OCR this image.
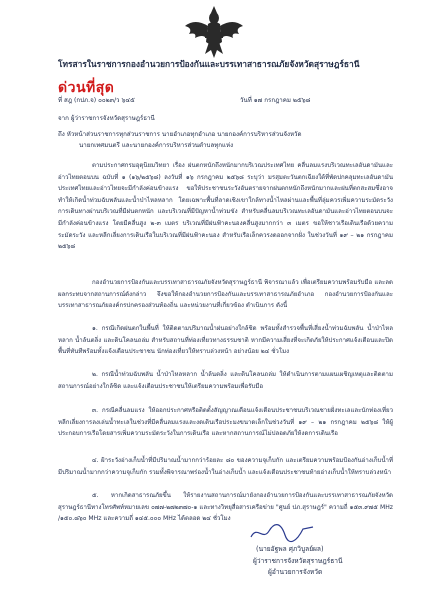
โทรสารในราชการกองอำนวยการป้องกันและบรรเทาสาธารณภัยจังหวัดสุราษฎร์ธานี
ด่วนที่สุด
ที่ สฎ (กปภ.จ) ๐๐๒๓/ว ๖๔๕	วันที่ ๑๗ กรกฎาคม ๒๕๖๘
จาก ผู้ว่าราชการจังหวัดสุราษฎร์ธานี
ถึง หัวหน้าส่วนราชการทุกส่วนราชการ นายอำเภอทุกอำเภอ นายกองค์การบริหารส่วนจังหวัด
นายกเทศมนตรี และนายกองค์การบริหารส่วนตำบลทุกแห่ง
ตามประกาศกรมอุตุนิยมวิทยา เรื่อง ฝนตกหนักถึงหนักมากบริเวณประเทศไทย คลื่นลมแรงบริเวณทะเลอันดามันและอ่าวไทยตอนบน ฉบับที่ ๑ (๑๖/๒๕๖๘) ลงวันที่ ๑๖ กรกฎาคม ๒๕๖๘ ระบุว่า มรสุมตะวันตกเฉียงใต้ที่พัดปกคลุมทะเลอันดามัน ประเทศไทยและอ่าวไทยจะมีกำลังค่อนข้างแรง ขอให้ประชาชนระวังอันตรายจากฝนตกหนักถึงหนักมากและฝนที่ตกสะสมซึ่งอาจทำให้เกิดน้ำท่วมฉับพลันและน้ำป่าไหลหลาก โดยเฉพาะพื้นที่ลาดเชิงเขาใกล้ทางน้ำไหลผ่านและพื้นที่ลุ่มควรเพิ่มความระมัดระวังการเดินทางผ่านบริเวณที่มีฝนตกหนัก และบริเวณที่มีปัญหาน้ำท่วมขัง สำหรับคลื่นลมบริเวณทะเลอันดามันและอ่าวไทยตอนบนจะมีกำลังค่อนข้างแรง โดยมีคลื่นสูง ๒-๓ เมตร บริเวณที่มีฝนฟ้าคะนองคลื่นสูงมากกว่า ๓ เมตร ขอให้ชาวเรือเดินเรือด้วยความระมัดระวัง และหลีกเลี่ยงการเดินเรือในบริเวณที่มีฝนฟ้าคะนอง สำหรับเรือเล็กควรงดออกจากฝั่ง ในช่วงวันที่ ๑๙ – ๒๑ กรกฎาคม ๒๕๖๘
กองอำนวยการป้องกันและบรรเทาสาธารณภัยจังหวัดสุราษฎร์ธานี พิจารณาแล้ว เพื่อเตรียมความพร้อมรับมือ และลดผลกระทบจากสถานการณ์ดังกล่าว จึงขอให้กองอำนวยการป้องกันและบรรเทาสาธารณภัยอำเภอ กองอำนวยการป้องกันและบรรเทาสาธารณภัยองค์กรปกครองส่วนท้องถิ่น และหน่วยงานที่เกี่ยวข้อง ดำเนินการ ดังนี้
๑. กรณีเกิดฝนตกในพื้นที่ ให้ติดตามปริมาณน้ำฝนอย่างใกล้ชิด พร้อมทั้งสำรวจพื้นที่เสี่ยงน้ำท่วมฉับพลัน น้ำป่าไหลหลาก น้ำล้นตลิ่ง และดินโคลนถล่ม สำหรับสถานที่ท่องเที่ยวทางธรรมชาติ หากมีความเสี่ยงที่จะเกิดภัยให้ประกาศแจ้งเตือนและปิดพื้นที่ทันทีพร้อมทั้งแจ้งเตือนประชาชน นักท่องเที่ยวให้ทราบล่วงหน้า อย่างน้อย ๒๔ ชั่วโมง
๒. กรณีน้ำท่วมฉับพลัน น้ำป่าไหลหลาก น้ำล้นตลิ่ง และดินโคลนถล่ม ให้ดำเนินการตามแผนเผชิญเหตุและติดตามสถานการณ์อย่างใกล้ชิด และแจ้งเตือนประชาชนให้เตรียมความพร้อมเพื่อรับมือ
๓. กรณีคลื่นลมแรง ให้ออกประกาศหรือติดตั้งสัญญาณเตือนแจ้งเตือนประชาชนบริเวณชายฝั่งทะเลและนักท่องเที่ยวหลีกเลี่ยงการลงเล่นน้ำทะเลในช่วงที่มีคลื่นลมแรงและงดเดินเรือประมงขนาดเล็กในช่วงวันที่ ๑๙ – ๒๑ กรกฎาคม ๒๕๖๘ ให้ผู้ประกอบการเรือโดยสารเพิ่มความระมัดระวังในการเดินเรือ และหากสถานการณ์ไม่ปลอดภัยให้งดการเดินเรือ
๔. ฝ้าระวังอ่างเก็บน้ำที่มีปริมาณน้ำมากกว่าร้อยละ ๘๐ ของความจุเก็บกัก และเตรียมความพร้อมป้องกันอ่างเก็บน้ำที่มีปริมาณน้ำมากกว่าความจุเก็บกัก รวมทั้งพิจารณาพร่องน้ำในอ่างเก็บน้ำ และแจ้งเตือนประชาชนท้ายอ่างเก็บน้ำให้ทราบล่วงหน้า
๕. หากเกิดสาธารณภัยขึ้น ให้รายงานสถานการณ์มายังกองอำนวยการป้องกันและบรรเทาสาธารณภัยจังหวัดสุราษฎร์ธานีทางโทรศัพท์หมายเลข ๐๗๗-๒๗๒๓๗๐-๑ และทางวิทยุสื่อสารเครือข่าย "ศูนย์ ปภ.สุราษฎร์" ความถี่ ๑๕๓.๙๗๕ MHz /๑๕๐.๘๖๐ MHz และความถี่ ๑๔๕.๐๐๐ MHz ได้ตลอด ๒๔ ชั่วโมง
(นายอัฐพล ศุภวิบูลย์ผล)
ผู้ว่าราชการจังหวัดสุราษฎร์ธานี
ผู้อำนวยการจังหวัด
